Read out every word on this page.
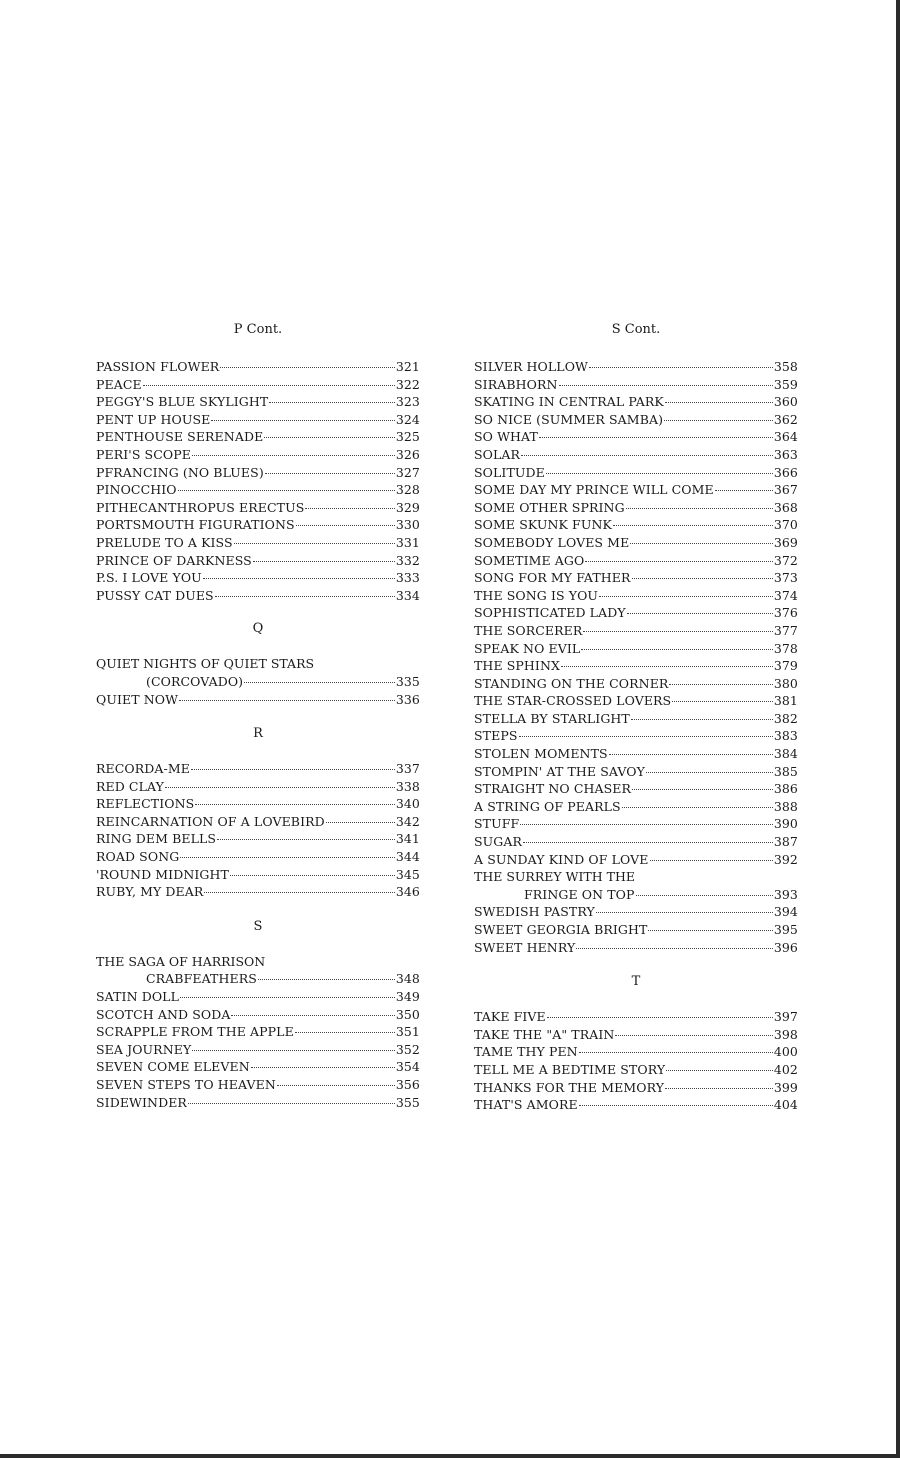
P Cont.
PASSION FLOWER	321
PEACE	322
PEGGY'S BLUE SKYLIGHT	323
PENT UP HOUSE	324
PENTHOUSE SERENADE	325
PERI'S SCOPE	326
PFRANCING (NO BLUES)	327
PINOCCHIO	328
PITHECANTHROPUS ERECTUS	329
PORTSMOUTH FIGURATIONS	330
PRELUDE TO A KISS	331
PRINCE OF DARKNESS	332
P.S. I LOVE YOU	333
PUSSY CAT DUES	334
Q
QUIET NIGHTS OF QUIET STARS
(CORCOVADO)	335
QUIET NOW	336
R
RECORDA-ME	337
RED CLAY	338
REFLECTIONS	340
REINCARNATION OF A LOVEBIRD	342
RING DEM BELLS	341
ROAD SONG	344
'ROUND MIDNIGHT	345
RUBY, MY DEAR	346
S
THE SAGA OF HARRISON
CRABFEATHERS	348
SATIN DOLL	349
SCOTCH AND SODA	350
SCRAPPLE FROM THE APPLE	351
SEA JOURNEY	352
SEVEN COME ELEVEN	354
SEVEN STEPS TO HEAVEN	356
SIDEWINDER	355
S Cont.
SILVER HOLLOW	358
SIRABHORN	359
SKATING IN CENTRAL PARK	360
SO NICE (SUMMER SAMBA)	362
SO WHAT	364
SOLAR	363
SOLITUDE	366
SOME DAY MY PRINCE WILL COME	367
SOME OTHER SPRING	368
SOME SKUNK FUNK	370
SOMEBODY LOVES ME	369
SOMETIME AGO	372
SONG FOR MY FATHER	373
THE SONG IS YOU	374
SOPHISTICATED LADY	376
THE SORCERER	377
SPEAK NO EVIL	378
THE SPHINX	379
STANDING ON THE CORNER	380
THE STAR-CROSSED LOVERS	381
STELLA BY STARLIGHT	382
STEPS	383
STOLEN MOMENTS	384
STOMPIN' AT THE SAVOY	385
STRAIGHT NO CHASER	386
A STRING OF PEARLS	388
STUFF	390
SUGAR	387
A SUNDAY KIND OF LOVE	392
THE SURREY WITH THE
FRINGE ON TOP	393
SWEDISH PASTRY	394
SWEET GEORGIA BRIGHT	395
SWEET HENRY	396
T
TAKE FIVE	397
TAKE THE "A" TRAIN	398
TAME THY PEN	400
TELL ME A BEDTIME STORY	402
THANKS FOR THE MEMORY	399
THAT'S AMORE	404
